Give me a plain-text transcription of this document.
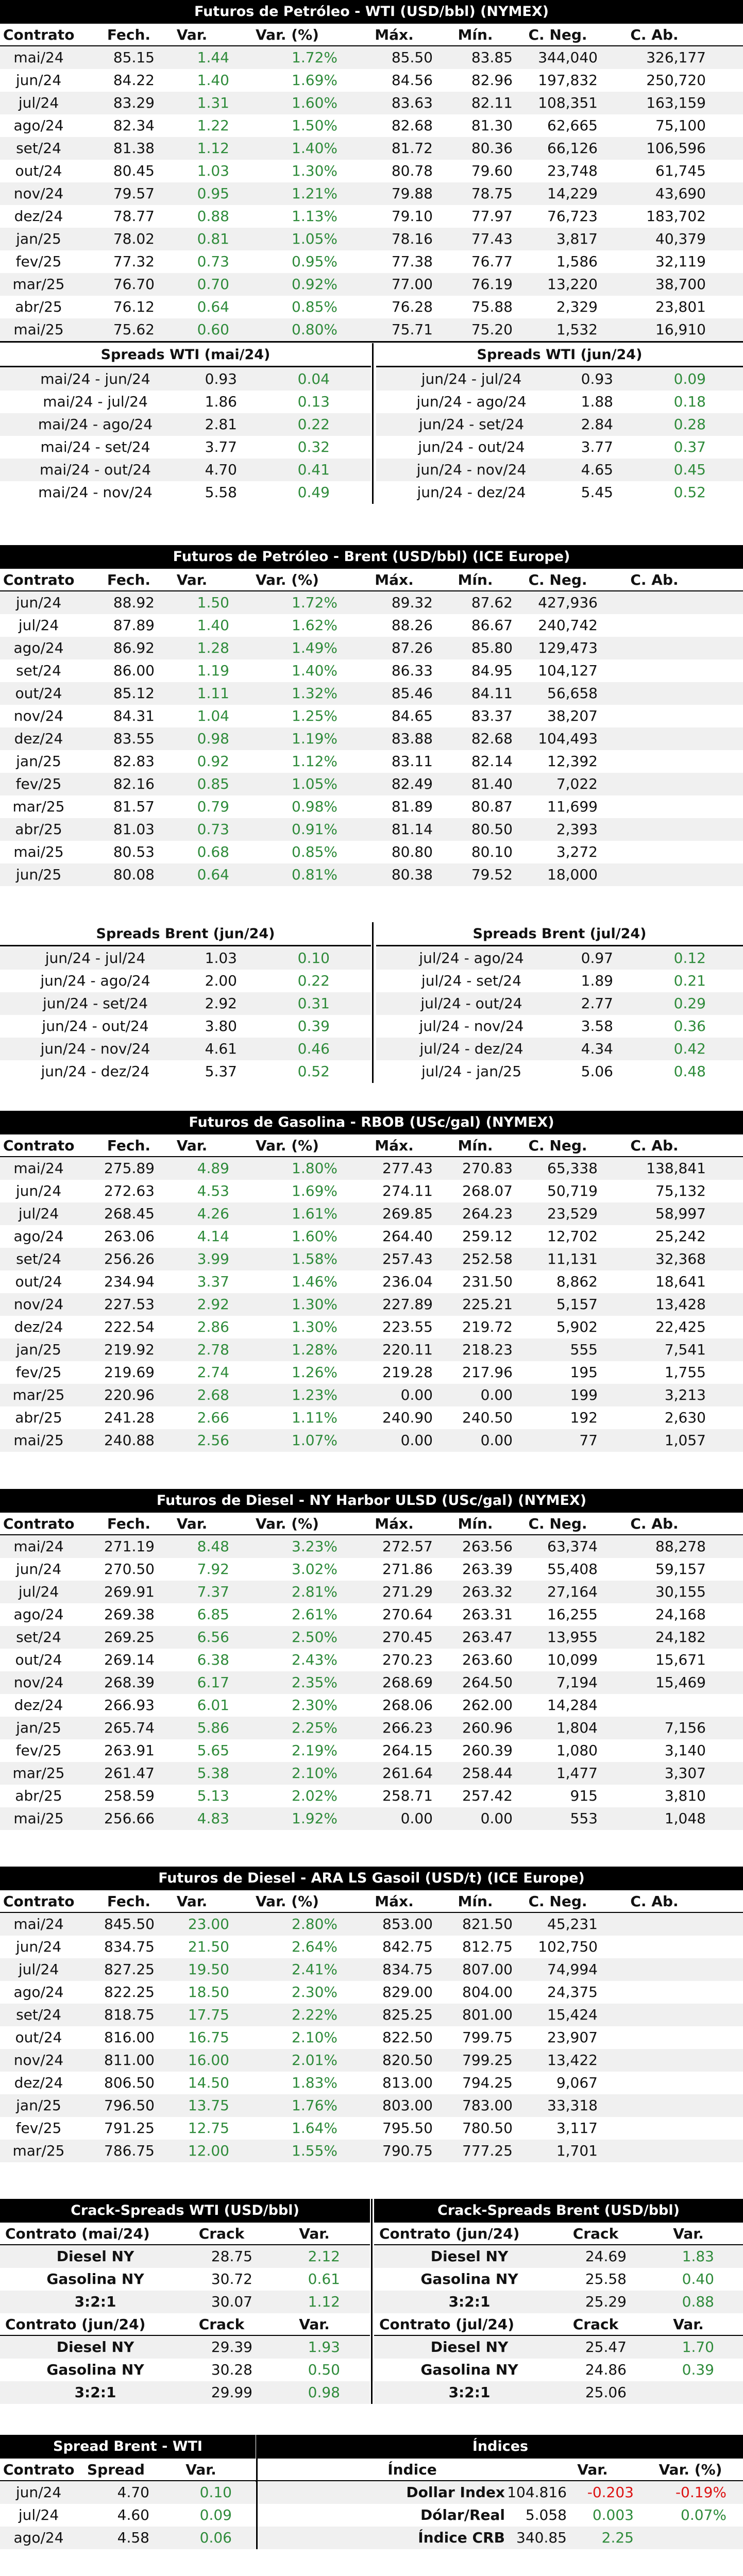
Futuros de Petróleo - WTI (USD/bbl) (NYMEX)
Contrato	Fech.	Var.	Var. (%)	Máx.	Mín.	C. Neg.	C. Ab.
mai/24	85.15	1.44	1.72%	85.50	83.85	344,040	326,177
jun/24	84.22	1.40	1.69%	84.56	82.96	197,832	250,720
jul/24	83.29	1.31	1.60%	83.63	82.11	108,351	163,159
ago/24	82.34	1.22	1.50%	82.68	81.30	62,665	75,100
set/24	81.38	1.12	1.40%	81.72	80.36	66,126	106,596
out/24	80.45	1.03	1.30%	80.78	79.60	23,748	61,745
nov/24	79.57	0.95	1.21%	79.88	78.75	14,229	43,690
dez/24	78.77	0.88	1.13%	79.10	77.97	76,723	183,702
jan/25	78.02	0.81	1.05%	78.16	77.43	3,817	40,379
fev/25	77.32	0.73	0.95%	77.38	76.77	1,586	32,119
mar/25	76.70	0.70	0.92%	77.00	76.19	13,220	38,700
abr/25	76.12	0.64	0.85%	76.28	75.88	2,329	23,801
mai/25	75.62	0.60	0.80%	75.71	75.20	1,532	16,910
Spreads WTI (mai/24)
mai/24 - jun/24	0.93	0.04
mai/24 - jul/24	1.86	0.13
mai/24 - ago/24	2.81	0.22
mai/24 - set/24	3.77	0.32
mai/24 - out/24	4.70	0.41
mai/24 - nov/24	5.58	0.49
Spreads WTI (jun/24)
jun/24 - jul/24	0.93	0.09
jun/24 - ago/24	1.88	0.18
jun/24 - set/24	2.84	0.28
jun/24 - out/24	3.77	0.37
jun/24 - nov/24	4.65	0.45
jun/24 - dez/24	5.45	0.52
Futuros de Petróleo - Brent (USD/bbl) (ICE Europe)
Contrato	Fech.	Var.	Var. (%)	Máx.	Mín.	C. Neg.	C. Ab.
jun/24	88.92	1.50	1.72%	89.32	87.62	427,936
jul/24	87.89	1.40	1.62%	88.26	86.67	240,742
ago/24	86.92	1.28	1.49%	87.26	85.80	129,473
set/24	86.00	1.19	1.40%	86.33	84.95	104,127
out/24	85.12	1.11	1.32%	85.46	84.11	56,658
nov/24	84.31	1.04	1.25%	84.65	83.37	38,207
dez/24	83.55	0.98	1.19%	83.88	82.68	104,493
jan/25	82.83	0.92	1.12%	83.11	82.14	12,392
fev/25	82.16	0.85	1.05%	82.49	81.40	7,022
mar/25	81.57	0.79	0.98%	81.89	80.87	11,699
abr/25	81.03	0.73	0.91%	81.14	80.50	2,393
mai/25	80.53	0.68	0.85%	80.80	80.10	3,272
jun/25	80.08	0.64	0.81%	80.38	79.52	18,000
Spreads Brent (jun/24)
jun/24 - jul/24	1.03	0.10
jun/24 - ago/24	2.00	0.22
jun/24 - set/24	2.92	0.31
jun/24 - out/24	3.80	0.39
jun/24 - nov/24	4.61	0.46
jun/24 - dez/24	5.37	0.52
Spreads Brent (jul/24)
jul/24 - ago/24	0.97	0.12
jul/24 - set/24	1.89	0.21
jul/24 - out/24	2.77	0.29
jul/24 - nov/24	3.58	0.36
jul/24 - dez/24	4.34	0.42
jul/24 - jan/25	5.06	0.48
Futuros de Gasolina - RBOB (USc/gal) (NYMEX)
Contrato	Fech.	Var.	Var. (%)	Máx.	Mín.	C. Neg.	C. Ab.
mai/24	275.89	4.89	1.80%	277.43	270.83	65,338	138,841
jun/24	272.63	4.53	1.69%	274.11	268.07	50,719	75,132
jul/24	268.45	4.26	1.61%	269.85	264.23	23,529	58,997
ago/24	263.06	4.14	1.60%	264.40	259.12	12,702	25,242
set/24	256.26	3.99	1.58%	257.43	252.58	11,131	32,368
out/24	234.94	3.37	1.46%	236.04	231.50	8,862	18,641
nov/24	227.53	2.92	1.30%	227.89	225.21	5,157	13,428
dez/24	222.54	2.86	1.30%	223.55	219.72	5,902	22,425
jan/25	219.92	2.78	1.28%	220.11	218.23	555	7,541
fev/25	219.69	2.74	1.26%	219.28	217.96	195	1,755
mar/25	220.96	2.68	1.23%	0.00	0.00	199	3,213
abr/25	241.28	2.66	1.11%	240.90	240.50	192	2,630
mai/25	240.88	2.56	1.07%	0.00	0.00	77	1,057
Futuros de Diesel - NY Harbor ULSD (USc/gal) (NYMEX)
Contrato	Fech.	Var.	Var. (%)	Máx.	Mín.	C. Neg.	C. Ab.
mai/24	271.19	8.48	3.23%	272.57	263.56	63,374	88,278
jun/24	270.50	7.92	3.02%	271.86	263.39	55,408	59,157
jul/24	269.91	7.37	2.81%	271.29	263.32	27,164	30,155
ago/24	269.38	6.85	2.61%	270.64	263.31	16,255	24,168
set/24	269.25	6.56	2.50%	270.45	263.47	13,955	24,182
out/24	269.14	6.38	2.43%	270.23	263.60	10,099	15,671
nov/24	268.39	6.17	2.35%	268.69	264.50	7,194	15,469
dez/24	266.93	6.01	2.30%	268.06	262.00	14,284
jan/25	265.74	5.86	2.25%	266.23	260.96	1,804	7,156
fev/25	263.91	5.65	2.19%	264.15	260.39	1,080	3,140
mar/25	261.47	5.38	2.10%	261.64	258.44	1,477	3,307
abr/25	258.59	5.13	2.02%	258.71	257.42	915	3,810
mai/25	256.66	4.83	1.92%	0.00	0.00	553	1,048
Futuros de Diesel - ARA LS Gasoil (USD/t) (ICE Europe)
Contrato	Fech.	Var.	Var. (%)	Máx.	Mín.	C. Neg.	C. Ab.
mai/24	845.50	23.00	2.80%	853.00	821.50	45,231
jun/24	834.75	21.50	2.64%	842.75	812.75	102,750
jul/24	827.25	19.50	2.41%	834.75	807.00	74,994
ago/24	822.25	18.50	2.30%	829.00	804.00	24,375
set/24	818.75	17.75	2.22%	825.25	801.00	15,424
out/24	816.00	16.75	2.10%	822.50	799.75	23,907
nov/24	811.00	16.00	2.01%	820.50	799.25	13,422
dez/24	806.50	14.50	1.83%	813.00	794.25	9,067
jan/25	796.50	13.75	1.76%	803.00	783.00	33,318
fev/25	791.25	12.75	1.64%	795.50	780.50	3,117
mar/25	786.75	12.00	1.55%	790.75	777.25	1,701
Crack-Spreads WTI (USD/bbl)
Contrato (mai/24)	Crack	Var.
Diesel NY	28.75	2.12
Gasolina NY	30.72	0.61
3:2:1	30.07	1.12
Contrato (jun/24)	Crack	Var.
Diesel NY	29.39	1.93
Gasolina NY	30.28	0.50
3:2:1	29.99	0.98
Crack-Spreads Brent (USD/bbl)
Contrato (jun/24)	Crack	Var.
Diesel NY	24.69	1.83
Gasolina NY	25.58	0.40
3:2:1	25.29	0.88
Contrato (jul/24)	Crack	Var.
Diesel NY	25.47	1.70
Gasolina NY	24.86	0.39
3:2:1	25.06
Spread Brent - WTI	Índices
Contrato Spread	Var.	Índice	Var.	Var. (%)
jun/24	4.70	0.10	Dollar Index 104.816	-0.203	-0.19%
jul/24	4.60	0.09	Dólar/Real	5.058	0.003	0.07%
ago/24	4.58	0.06	Índice CRB 340.85	2.25
